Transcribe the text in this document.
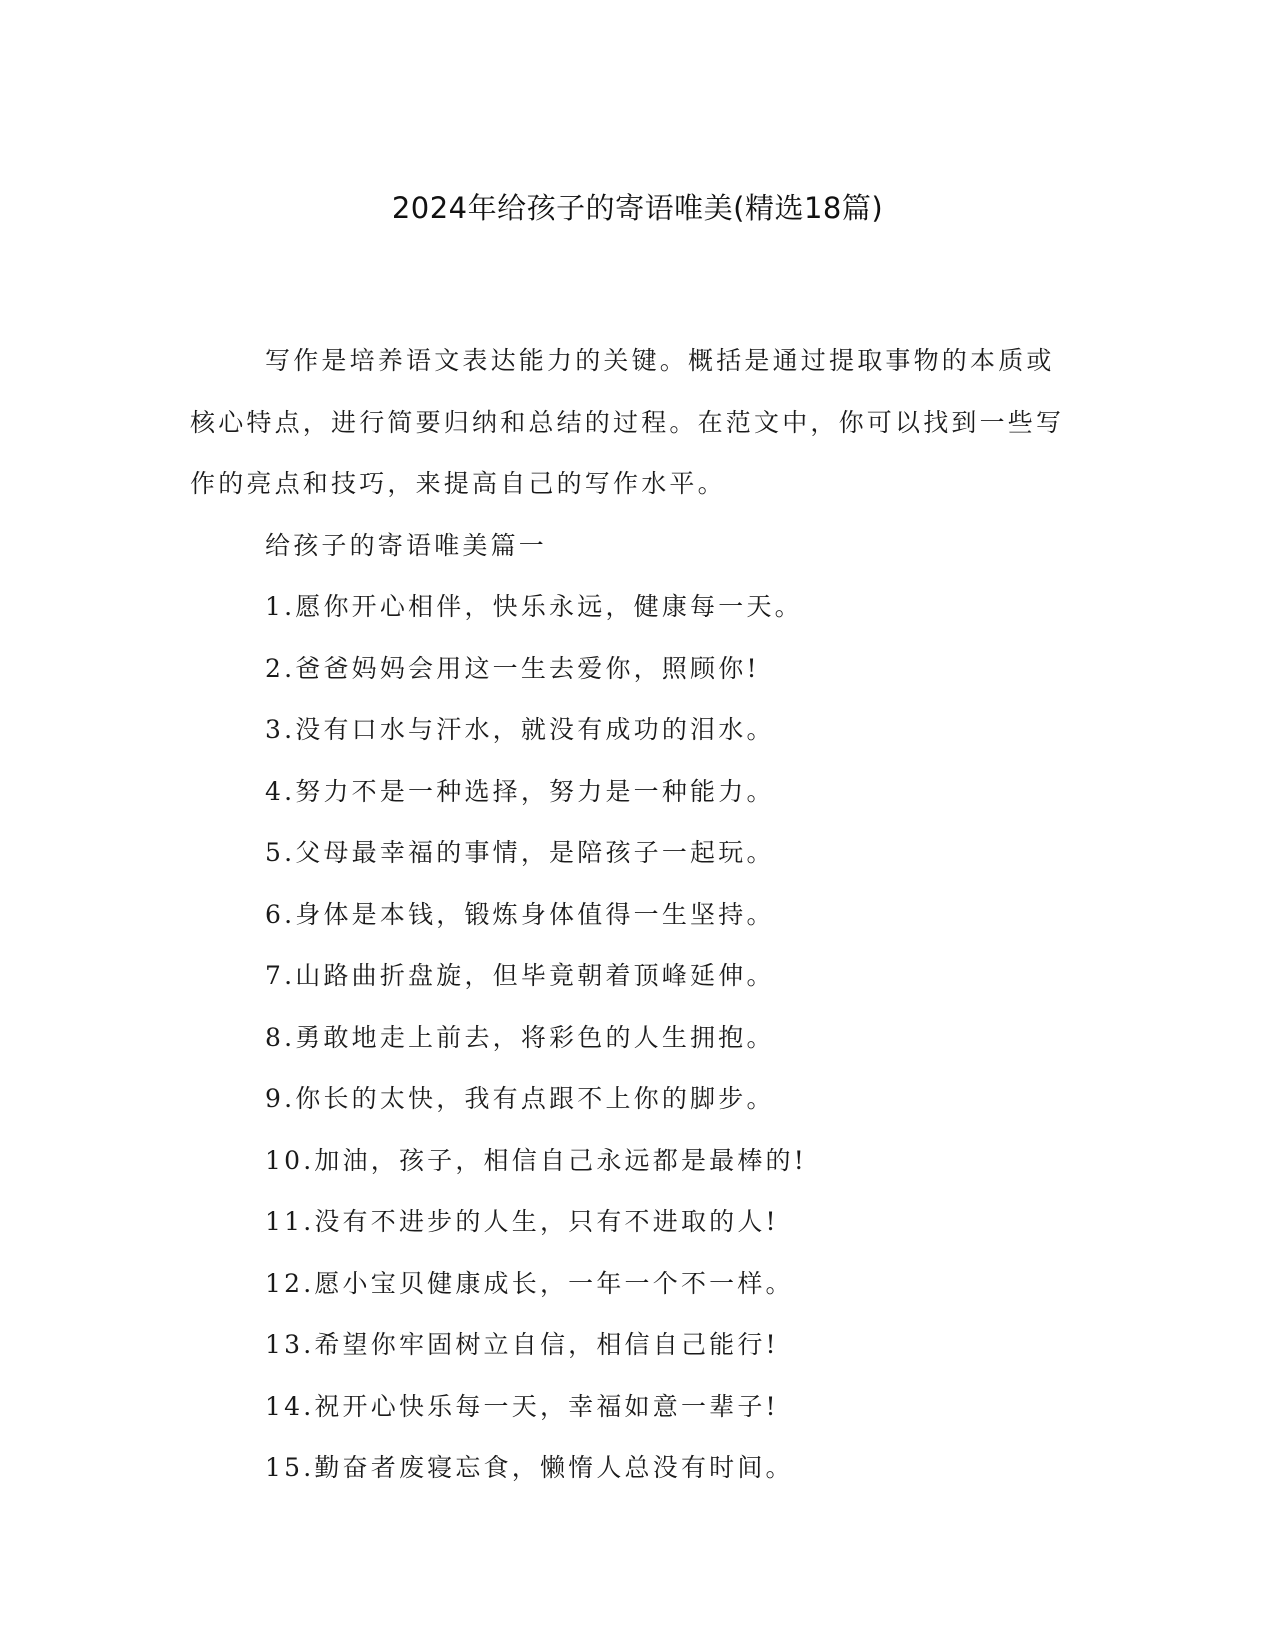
2024年给孩子的寄语唯美(精选18篇)

写作是培养语文表达能力的关键。概括是通过提取事物的本质或核心特点，进行简要归纳和总结的过程。在范文中，你可以找到一些写作的亮点和技巧，来提高自己的写作水平。

给孩子的寄语唯美篇一

1.愿你开心相伴，快乐永远，健康每一天。

2.爸爸妈妈会用这一生去爱你，照顾你!

3.没有口水与汗水，就没有成功的泪水。

4.努力不是一种选择，努力是一种能力。

5.父母最幸福的事情，是陪孩子一起玩。

6.身体是本钱，锻炼身体值得一生坚持。

7.山路曲折盘旋，但毕竟朝着顶峰延伸。

8.勇敢地走上前去，将彩色的人生拥抱。

9.你长的太快，我有点跟不上你的脚步。

10.加油，孩子，相信自己永远都是最棒的!

11.没有不进步的人生，只有不进取的人!

12.愿小宝贝健康成长，一年一个不一样。

13.希望你牢固树立自信，相信自己能行!

14.祝开心快乐每一天，幸福如意一辈子!

15.勤奋者废寝忘食，懒惰人总没有时间。
